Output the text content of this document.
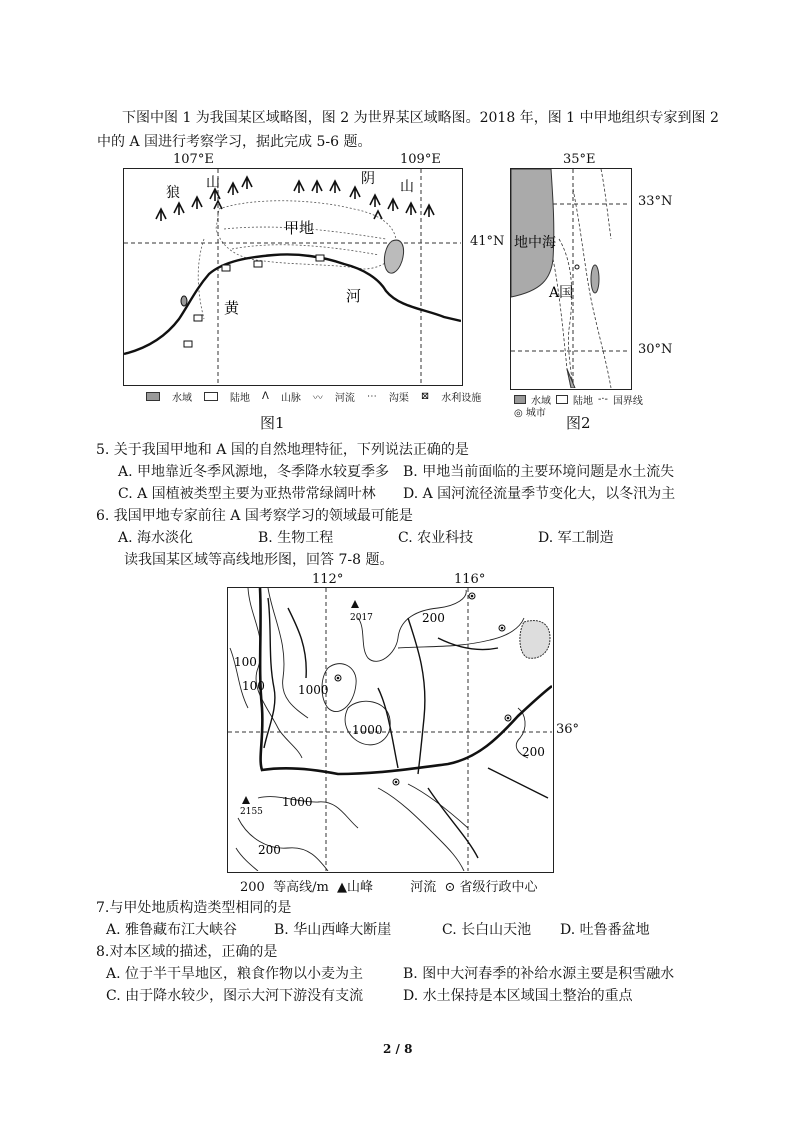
下图中图 1 为我国某区域略图，图 2 为世界某区域略图。2018 年，图 1 中甲地组织专家到图 2
中的 A 国进行考察学习，据此完成 5-6 题。
107°E	109°E
狼
山	阴 山
甲地
黄
河
41°N
水域	陆地 ᐱ 山脉 〰 河流 ⋯ 沟渠 ⊠ 水利设施
图1
35°E
地中海
A国
33°N
30°N
水域 陆地 -·- 国界线
◎ 城市
图2
5. 关于我国甲地和 A 国的自然地理特征，下列说法正确的是
A. 甲地靠近冬季风源地，冬季降水较夏季多 B. 甲地当前面临的主要环境问题是水土流失
C. A 国植被类型主要为亚热带常绿阔叶林 D. A 国河流径流量季节变化大，以冬汛为主
6. 我国甲地专家前往 A 国考察学习的领域最可能是
A. 海水淡化	B. 生物工程	C. 农业科技	D. 军工制造
读我国某区域等高线地形图，回答 7-8 题。
112°	116°
2017
2155
200
200
200
100
100	1000
1000
1000
36°
200  等高线/m  ▲山峰         河流  ⊙ 省级行政中心
7.与甲处地质构造类型相同的是
A. 雅鲁藏布江大峡谷	B. 华山西峰大断崖	C. 长白山天池 D. 吐鲁番盆地
8.对本区域的描述，正确的是
A. 位于半干旱地区，粮食作物以小麦为主	B. 图中大河春季的补给水源主要是积雪融水
C. 由于降水较少，图示大河下游没有支流	D. 水土保持是本区域国土整治的重点
2 / 8
